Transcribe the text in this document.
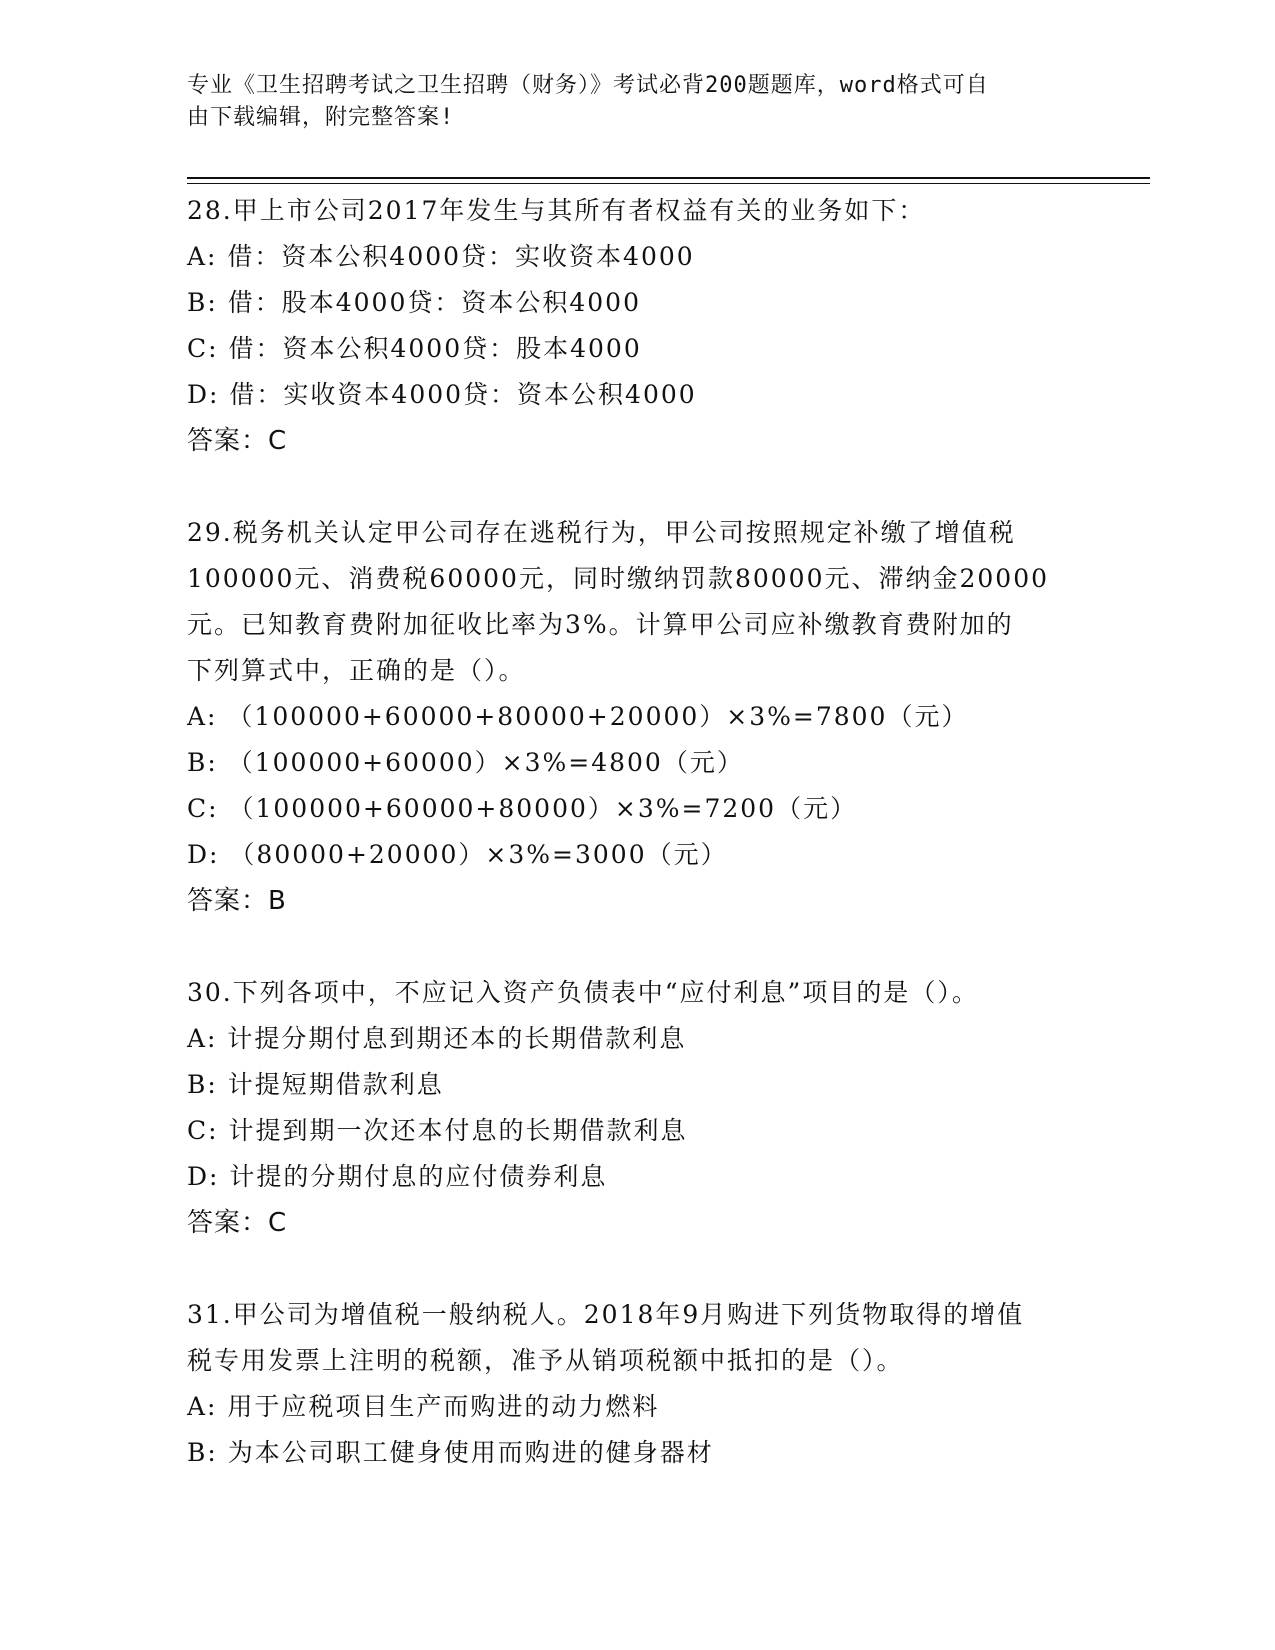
专业《卫生招聘考试之卫生招聘（财务）》考试必背200题题库，word格式可自
由下载编辑，附完整答案!
28.甲上市公司2017年发生与其所有者权益有关的业务如下：
A: 借：资本公积4000贷：实收资本4000
B: 借：股本4000贷：资本公积4000
C: 借：资本公积4000贷：股本4000
D: 借：实收资本4000贷：资本公积4000
答案：C
29.税务机关认定甲公司存在逃税行为，甲公司按照规定补缴了增值税
100000元、消费税60000元，同时缴纳罚款80000元、滞纳金20000
元。已知教育费附加征收比率为3%。计算甲公司应补缴教育费附加的
下列算式中，正确的是（）。
A: （100000+60000+80000+20000）×3%=7800（元）
B: （100000+60000）×3%=4800（元）
C: （100000+60000+80000）×3%=7200（元）
D: （80000+20000）×3%=3000（元）
答案：B
30.下列各项中，不应记入资产负债表中“应付利息”项目的是（）。
A: 计提分期付息到期还本的长期借款利息
B: 计提短期借款利息
C: 计提到期一次还本付息的长期借款利息
D: 计提的分期付息的应付债券利息
答案：C
31.甲公司为增值税一般纳税人。2018年9月购进下列货物取得的增值
税专用发票上注明的税额，准予从销项税额中抵扣的是（）。
A: 用于应税项目生产而购进的动力燃料
B: 为本公司职工健身使用而购进的健身器材
